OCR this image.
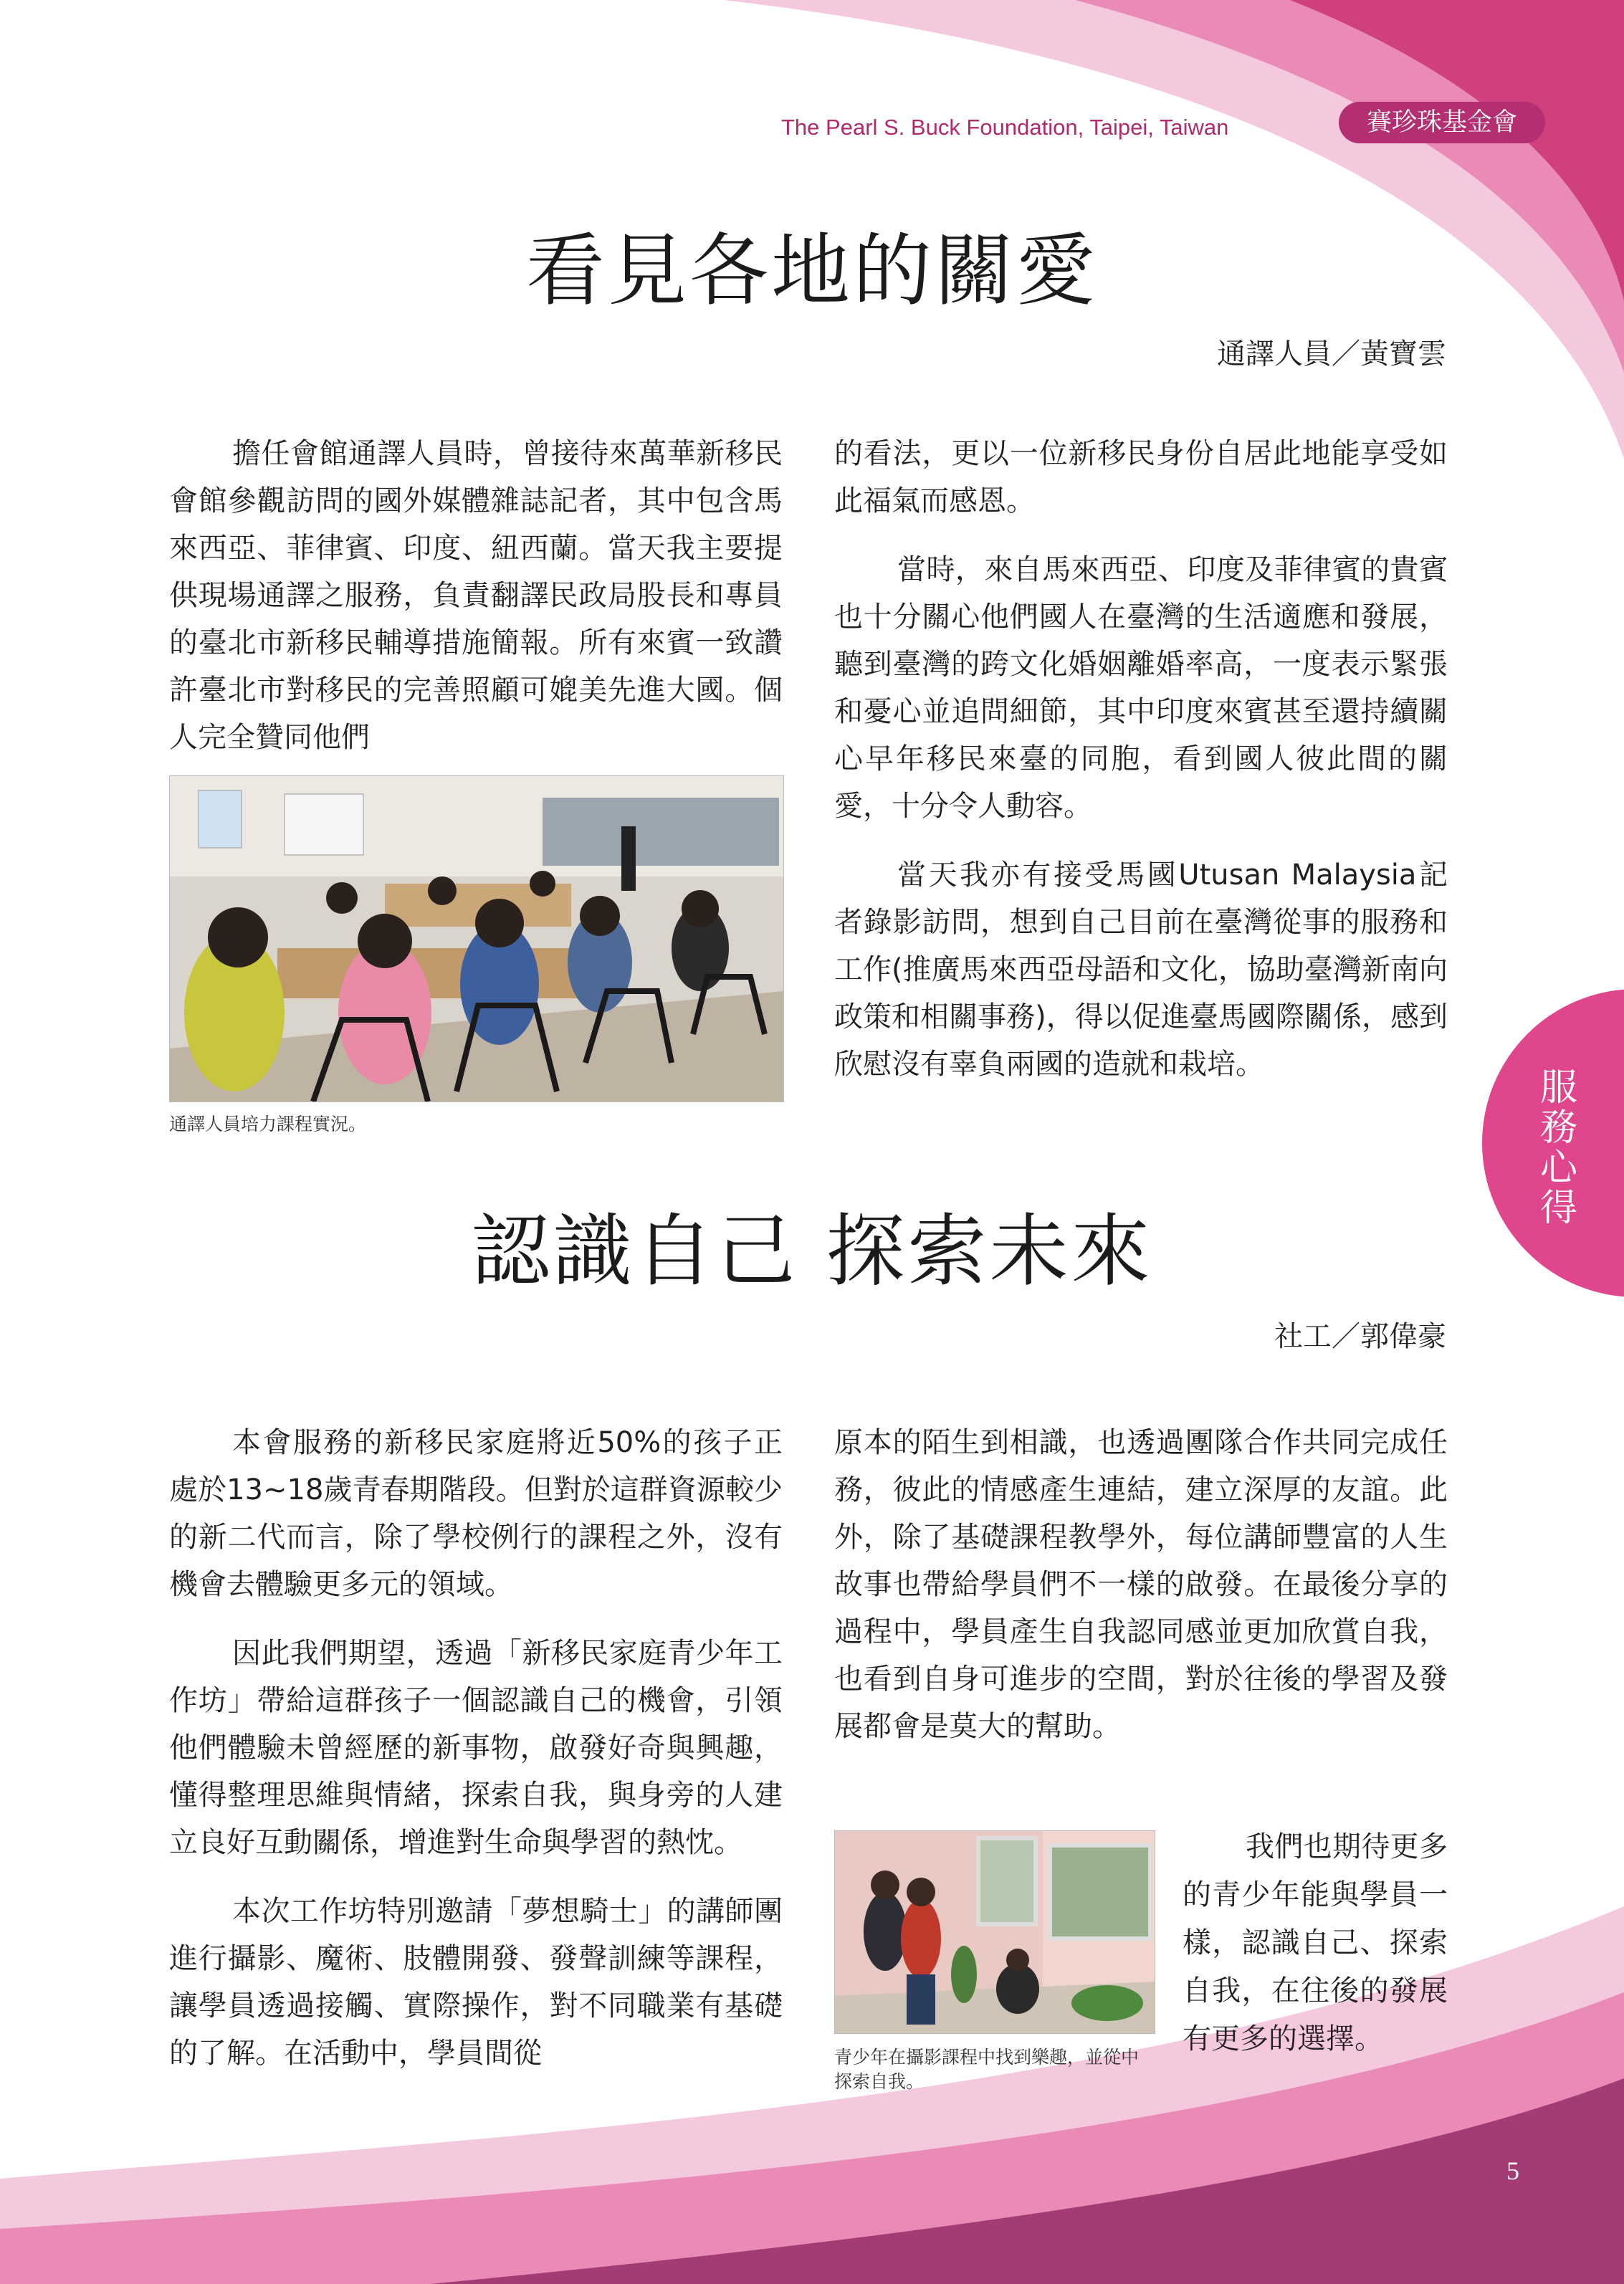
The Pearl S. Buck Foundation, Taipei, Taiwan	賽珍珠基金會
服務心得
看見各地的關愛
通譯人員／黃寶雲

擔任會館通譯人員時，曾接待來萬華新移民會館參觀訪問的國外媒體雜誌記者，其中包含馬來西亞、菲律賓、印度、紐西蘭。當天我主要提供現場通譯之服務，負責翻譯民政局股長和專員的臺北市新移民輔導措施簡報。所有來賓一致讚許臺北市對移民的完善照顧可媲美先進大國。個人完全贊同他們

通譯人員培力課程實況。

的看法，更以一位新移民身份自居此地能享受如此福氣而感恩。

當時，來自馬來西亞、印度及菲律賓的貴賓也十分關心他們國人在臺灣的生活適應和發展，聽到臺灣的跨文化婚姻離婚率高，一度表示緊張和憂心並追問細節，其中印度來賓甚至還持續關心早年移民來臺的同胞，看到國人彼此間的關愛，十分令人動容。

當天我亦有接受馬國Utusan Malaysia記者錄影訪問，想到自己目前在臺灣從事的服務和工作(推廣馬來西亞母語和文化，協助臺灣新南向政策和相關事務)，得以促進臺馬國際關係，感到欣慰沒有辜負兩國的造就和栽培。

認識自己 探索未來
社工／郭偉豪

本會服務的新移民家庭將近50%的孩子正處於13~18歲青春期階段。但對於這群資源較少的新二代而言，除了學校例行的課程之外，沒有機會去體驗更多元的領域。

因此我們期望，透過「新移民家庭青少年工作坊」帶給這群孩子一個認識自己的機會，引領他們體驗未曾經歷的新事物，啟發好奇與興趣，懂得整理思維與情緒，探索自我，與身旁的人建立良好互動關係，增進對生命與學習的熱忱。

本次工作坊特別邀請「夢想騎士」的講師團進行攝影、魔術、肢體開發、發聲訓練等課程，讓學員透過接觸、實際操作，對不同職業有基礎的了解。在活動中，學員間從

原本的陌生到相識，也透過團隊合作共同完成任務，彼此的情感產生連結，建立深厚的友誼。此外，除了基礎課程教學外，每位講師豐富的人生故事也帶給學員們不一樣的啟發。在最後分享的過程中，學員產生自我認同感並更加欣賞自我，也看到自身可進步的空間，對於往後的學習及發展都會是莫大的幫助。

青少年在攝影課程中找到樂趣，並從中探索自我。

我們也期待更多的青少年能與學員一樣，認識自己、探索自我，在往後的發展有更多的選擇。

5
